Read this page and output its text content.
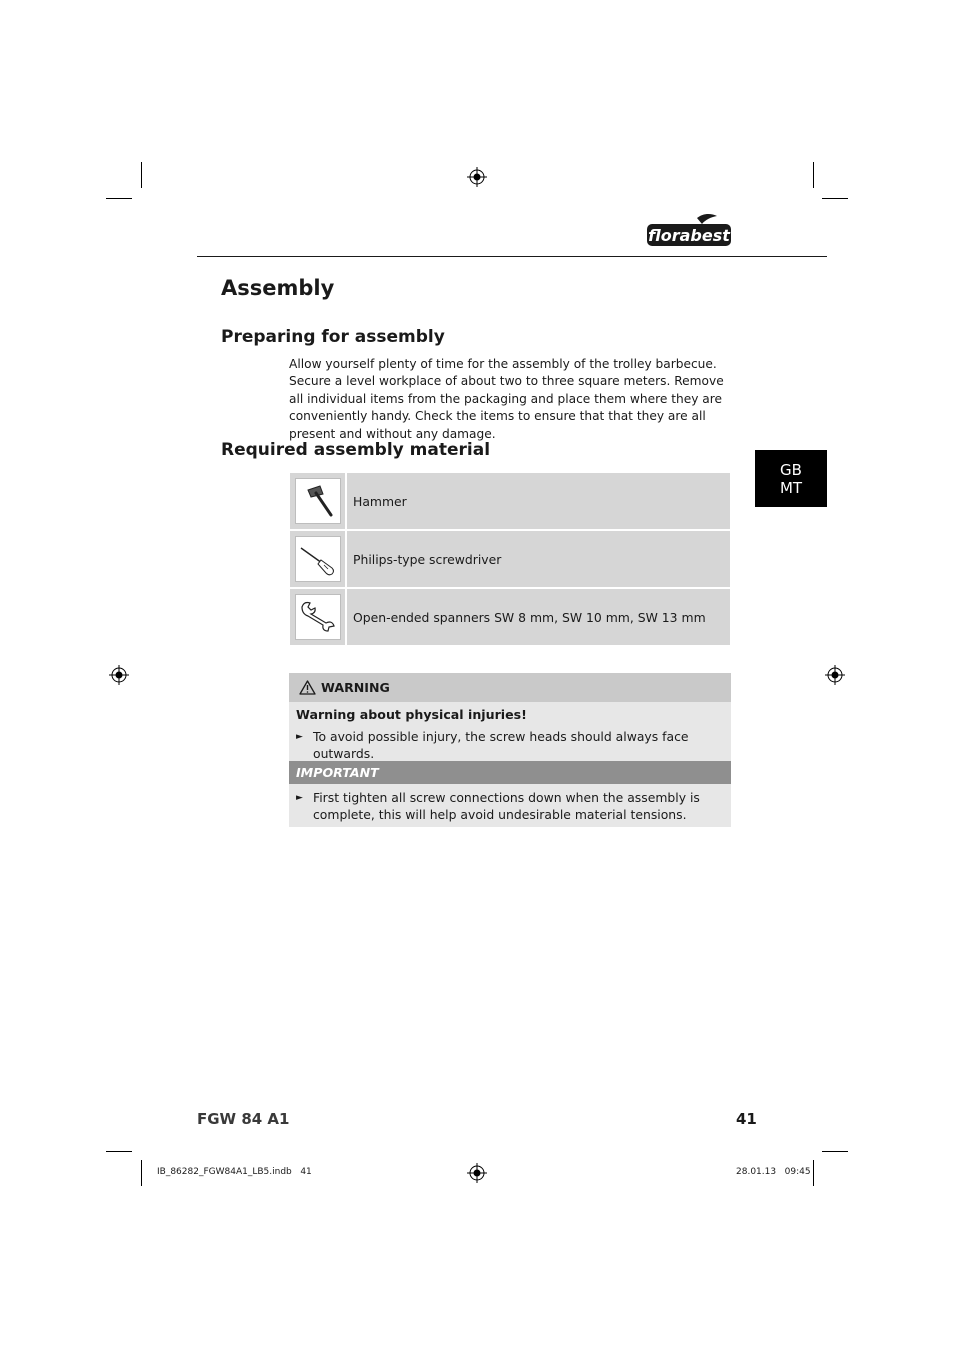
florabest
Assembly
Preparing for assembly

Allow yourself plenty of time for the assembly of the trolley barbecue. Secure a level workplace of about two to three square meters. Remove all individual items from the packaging and place them where they are conveniently handy. Check the items to ensure that that they are all present and without any damage.

Required assembly material
GB
MT
Hammer
Philips-type screwdriver
Open-ended spanners SW 8 mm, SW 10 mm, SW 13 mm
WARNING
Warning about physical injuries!
► To avoid possible injury, the screw heads should always face outwards.
IMPORTANT
► First tighten all screw connections down when the assembly is complete, this will help avoid undesirable material tensions.
FGW 84 A1	41
IB_86282_FGW84A1_LB5.indb   41	28.01.13   09:45
